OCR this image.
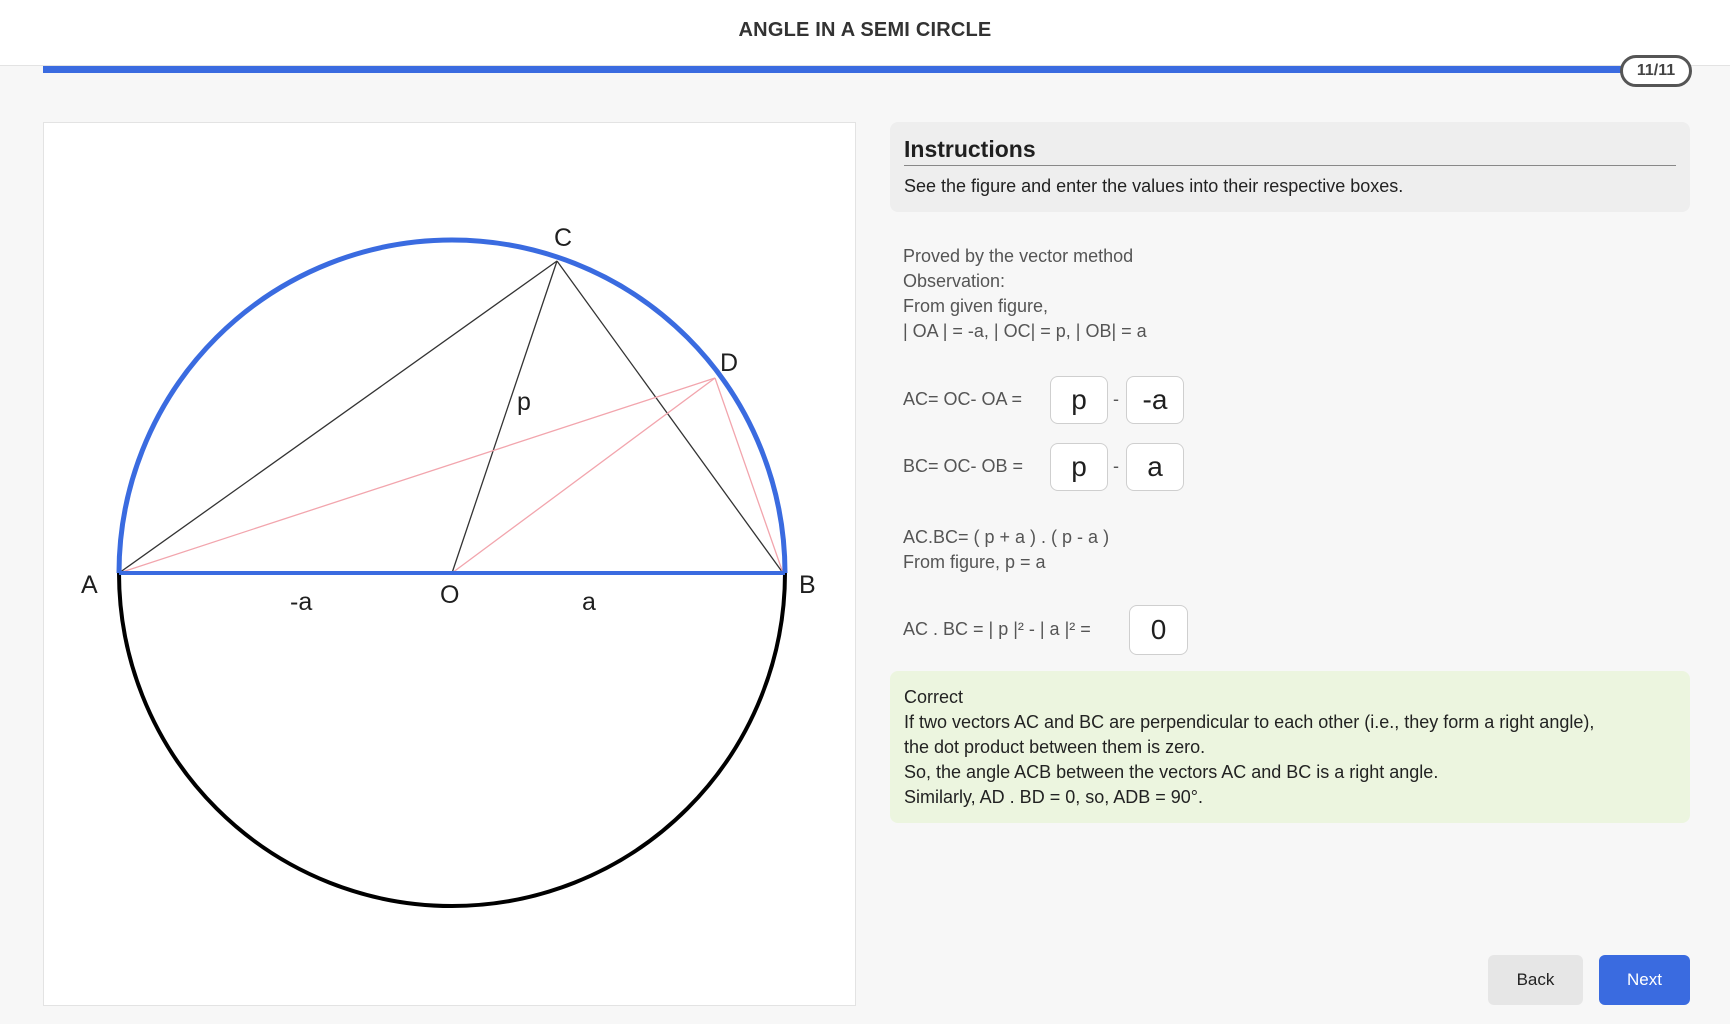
ANGLE IN A SEMI CIRCLE
11/11
A	B
C
D
O
-a	a
p
Instructions
See the figure and enter the values into their respective boxes.
Proved by the vector method
Observation:
From given figure,
| OA | = -a, | OC| = p, | OB| = a
AC= OC- OA =	p	- -a
BC= OC- OB =	p	-	a
AC.BC= ( p + a ) . ( p - a )
From figure, p = a
AC . BC = | p |² - | a |² =	0
Correct
If two vectors AC and BC are perpendicular to each other (i.e., they form a right angle),
the dot product between them is zero.
So, the angle ACB between the vectors AC and BC is a right angle.
Similarly, AD . BD = 0, so, ADB = 90°.
Back	Next
